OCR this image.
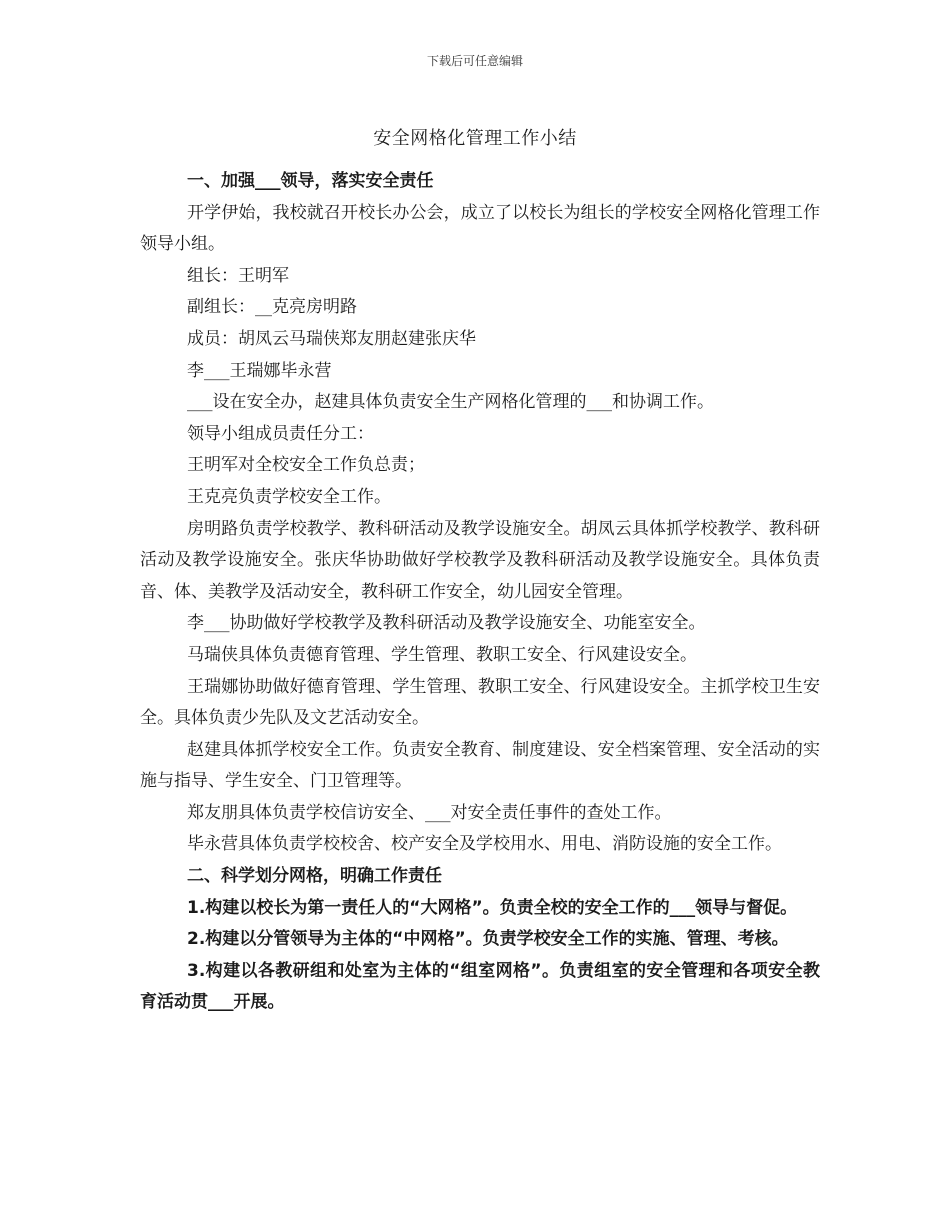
下载后可任意编辑
安全网格化管理工作小结

一、加强___领导，落实安全责任

开学伊始，我校就召开校长办公会，成立了以校长为组长的学校安全网格化管理工作领导小组。

组长：王明军

副组长：__克亮房明路

成员：胡凤云马瑞侠郑友朋赵建张庆华

李___王瑞娜毕永营

___设在安全办，赵建具体负责安全生产网格化管理的___和协调工作。

领导小组成员责任分工：

王明军对全校安全工作负总责；

王克亮负责学校安全工作。

房明路负责学校教学、教科研活动及教学设施安全。胡凤云具体抓学校教学、教科研活动及教学设施安全。张庆华协助做好学校教学及教科研活动及教学设施安全。具体负责音、体、美教学及活动安全，教科研工作安全，幼儿园安全管理。

李___协助做好学校教学及教科研活动及教学设施安全、功能室安全。

马瑞侠具体负责德育管理、学生管理、教职工安全、行风建设安全。

王瑞娜协助做好德育管理、学生管理、教职工安全、行风建设安全。主抓学校卫生安全。具体负责少先队及文艺活动安全。

赵建具体抓学校安全工作。负责安全教育、制度建设、安全档案管理、安全活动的实施与指导、学生安全、门卫管理等。

郑友朋具体负责学校信访安全、___对安全责任事件的查处工作。

毕永营具体负责学校校舍、校产安全及学校用水、用电、消防设施的安全工作。

二、科学划分网格，明确工作责任

1.构建以校长为第一责任人的“大网格”。负责全校的安全工作的___领导与督促。

2.构建以分管领导为主体的“中网格”。负责学校安全工作的实施、管理、考核。

3.构建以各教研组和处室为主体的“组室网格”。负责组室的安全管理和各项安全教育活动贯___开展。
